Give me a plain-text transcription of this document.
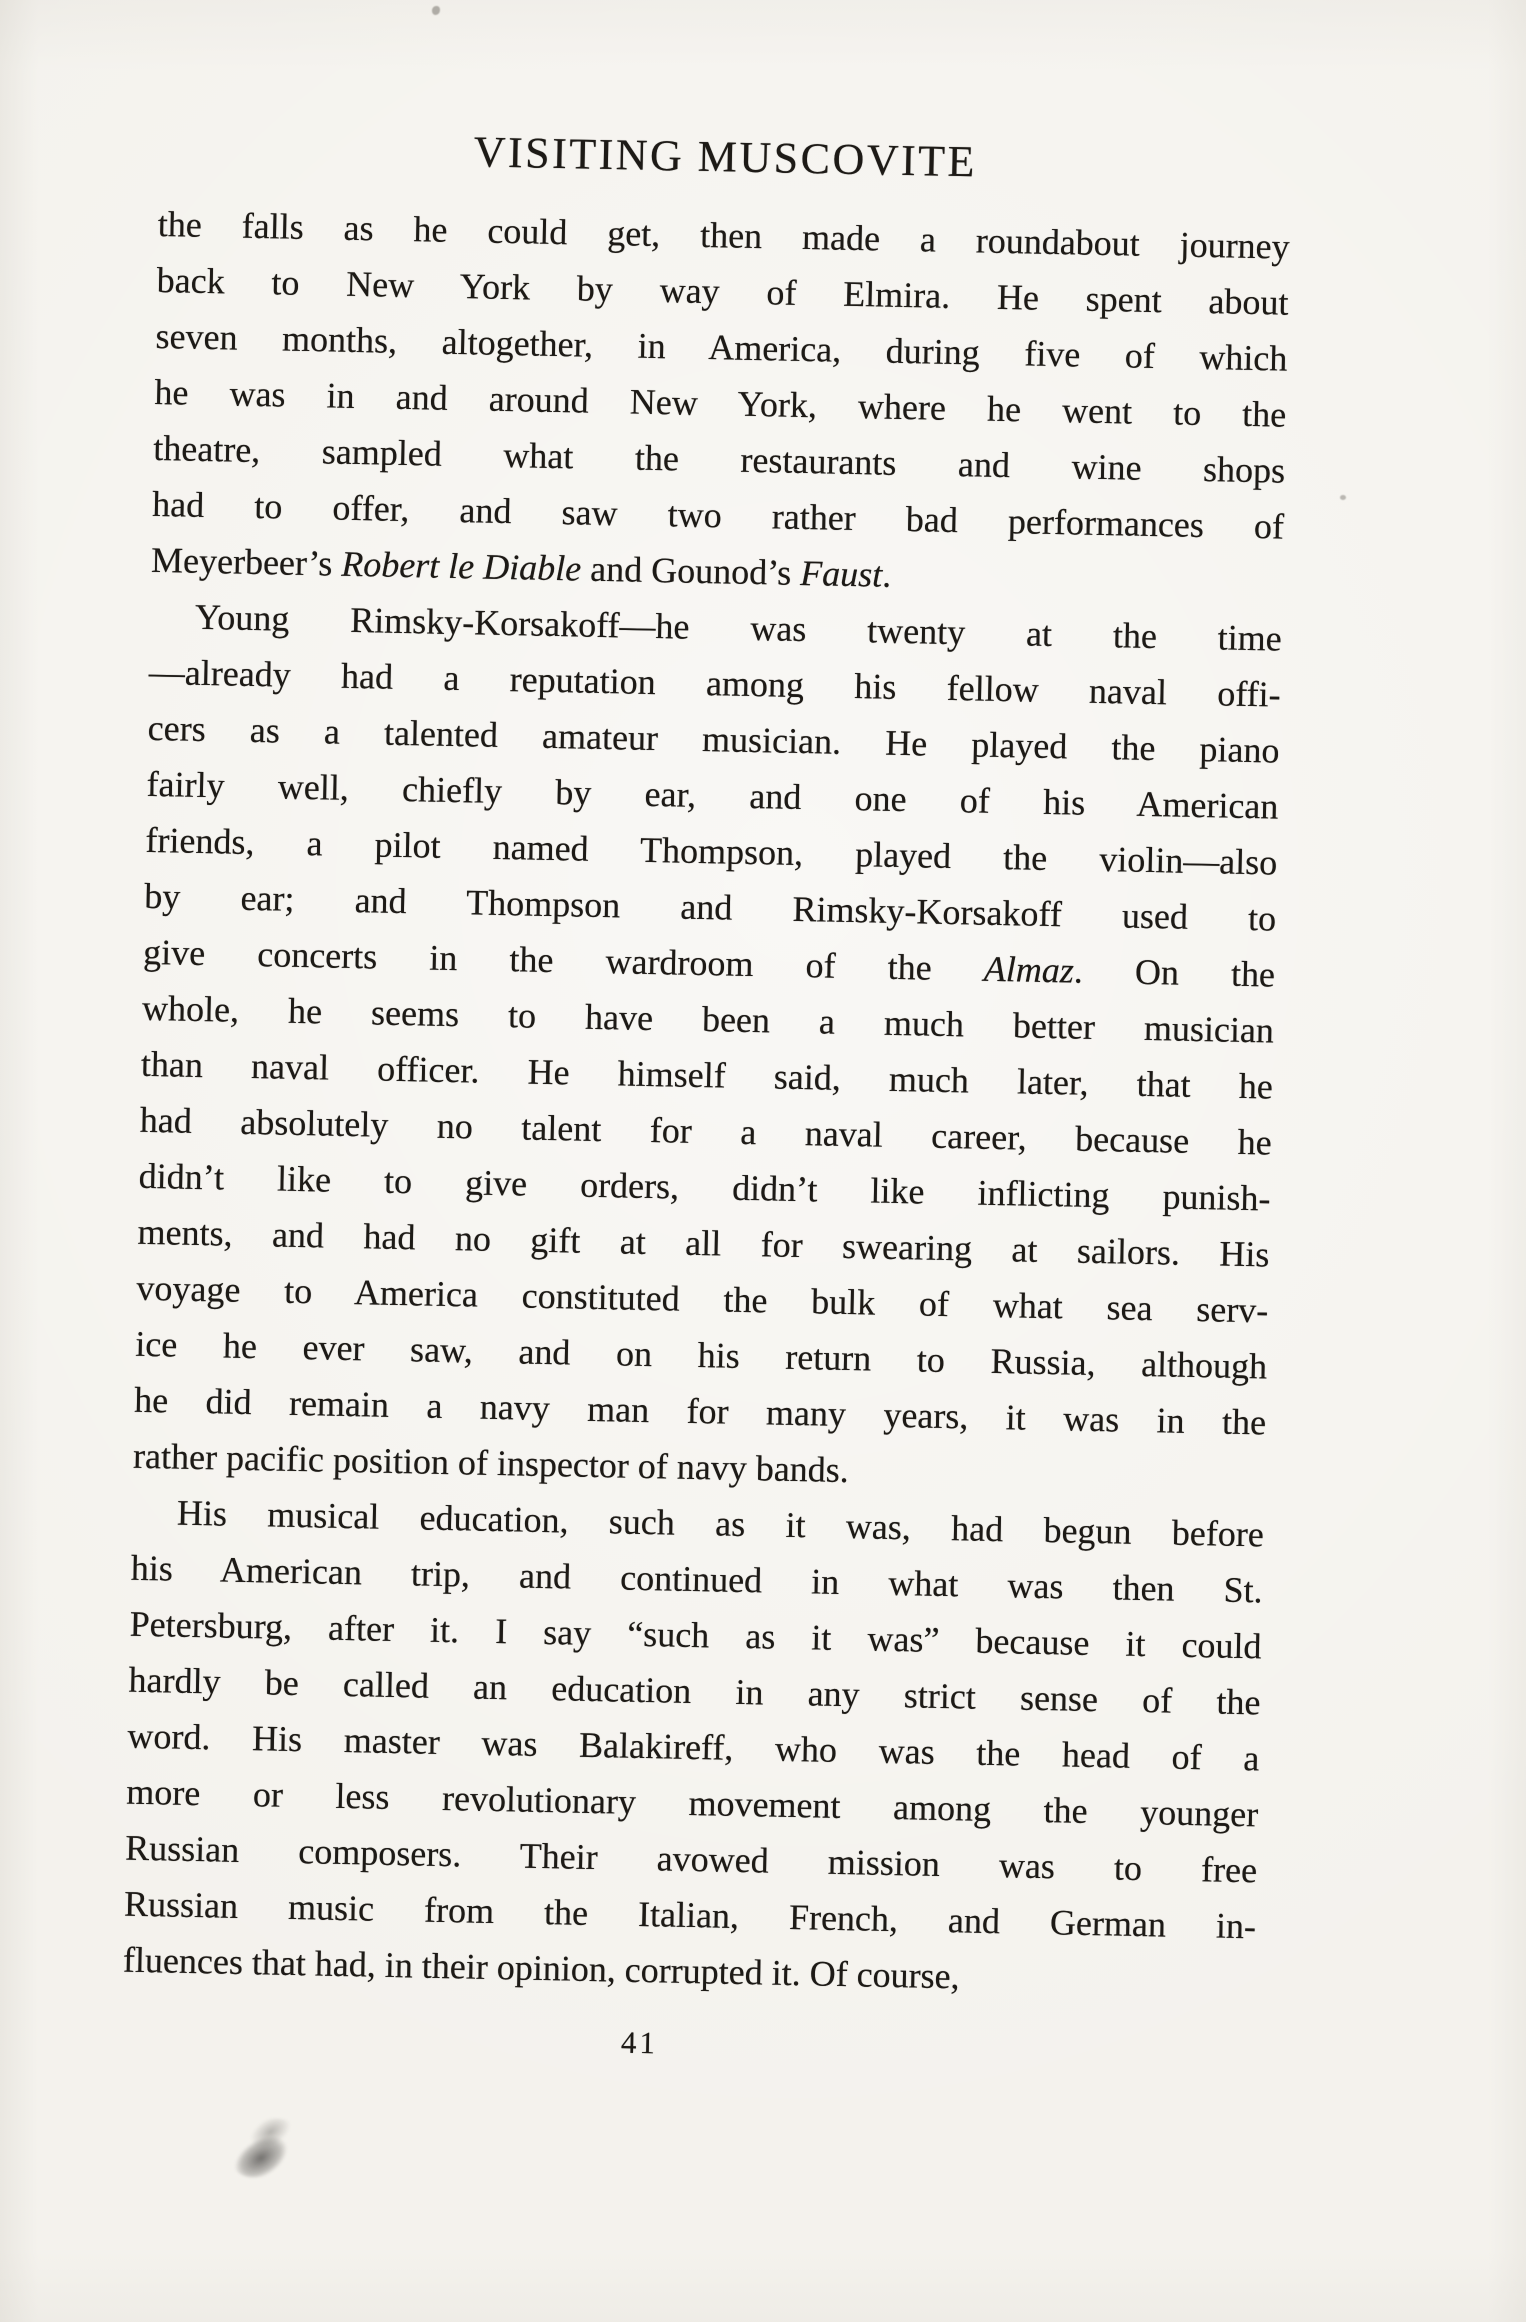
VISITING MUSCOVITE
the falls as he could get, then made a roundabout journey
back to New York by way of Elmira. He spent about
seven months, altogether, in America, during five of which
he was in and around New York, where he went to the
theatre, sampled what the restaurants and wine shops
had to offer, and saw two rather bad performances of
Meyerbeer’s Robert le Diable and Gounod’s Faust.
Young Rimsky-Korsakoff—he was twenty at the time
—already had a reputation among his fellow naval offi-
cers as a talented amateur musician. He played the piano
fairly well, chiefly by ear, and one of his American
friends, a pilot named Thompson, played the violin—also
by ear; and Thompson and Rimsky-Korsakoff used to
give concerts in the wardroom of the Almaz. On the
whole, he seems to have been a much better musician
than naval officer. He himself said, much later, that he
had absolutely no talent for a naval career, because he
didn’t like to give orders, didn’t like inflicting punish-
ments, and had no gift at all for swearing at sailors. His
voyage to America constituted the bulk of what sea serv-
ice he ever saw, and on his return to Russia, although
he did remain a navy man for many years, it was in the
rather pacific position of inspector of navy bands.
His musical education, such as it was, had begun before
his American trip, and continued in what was then St.
Petersburg, after it. I say “such as it was” because it could
hardly be called an education in any strict sense of the
word. His master was Balakireff, who was the head of a
more or less revolutionary movement among the younger
Russian composers. Their avowed mission was to free
Russian music from the Italian, French, and German in-
fluences that had, in their opinion, corrupted it. Of course,
41
